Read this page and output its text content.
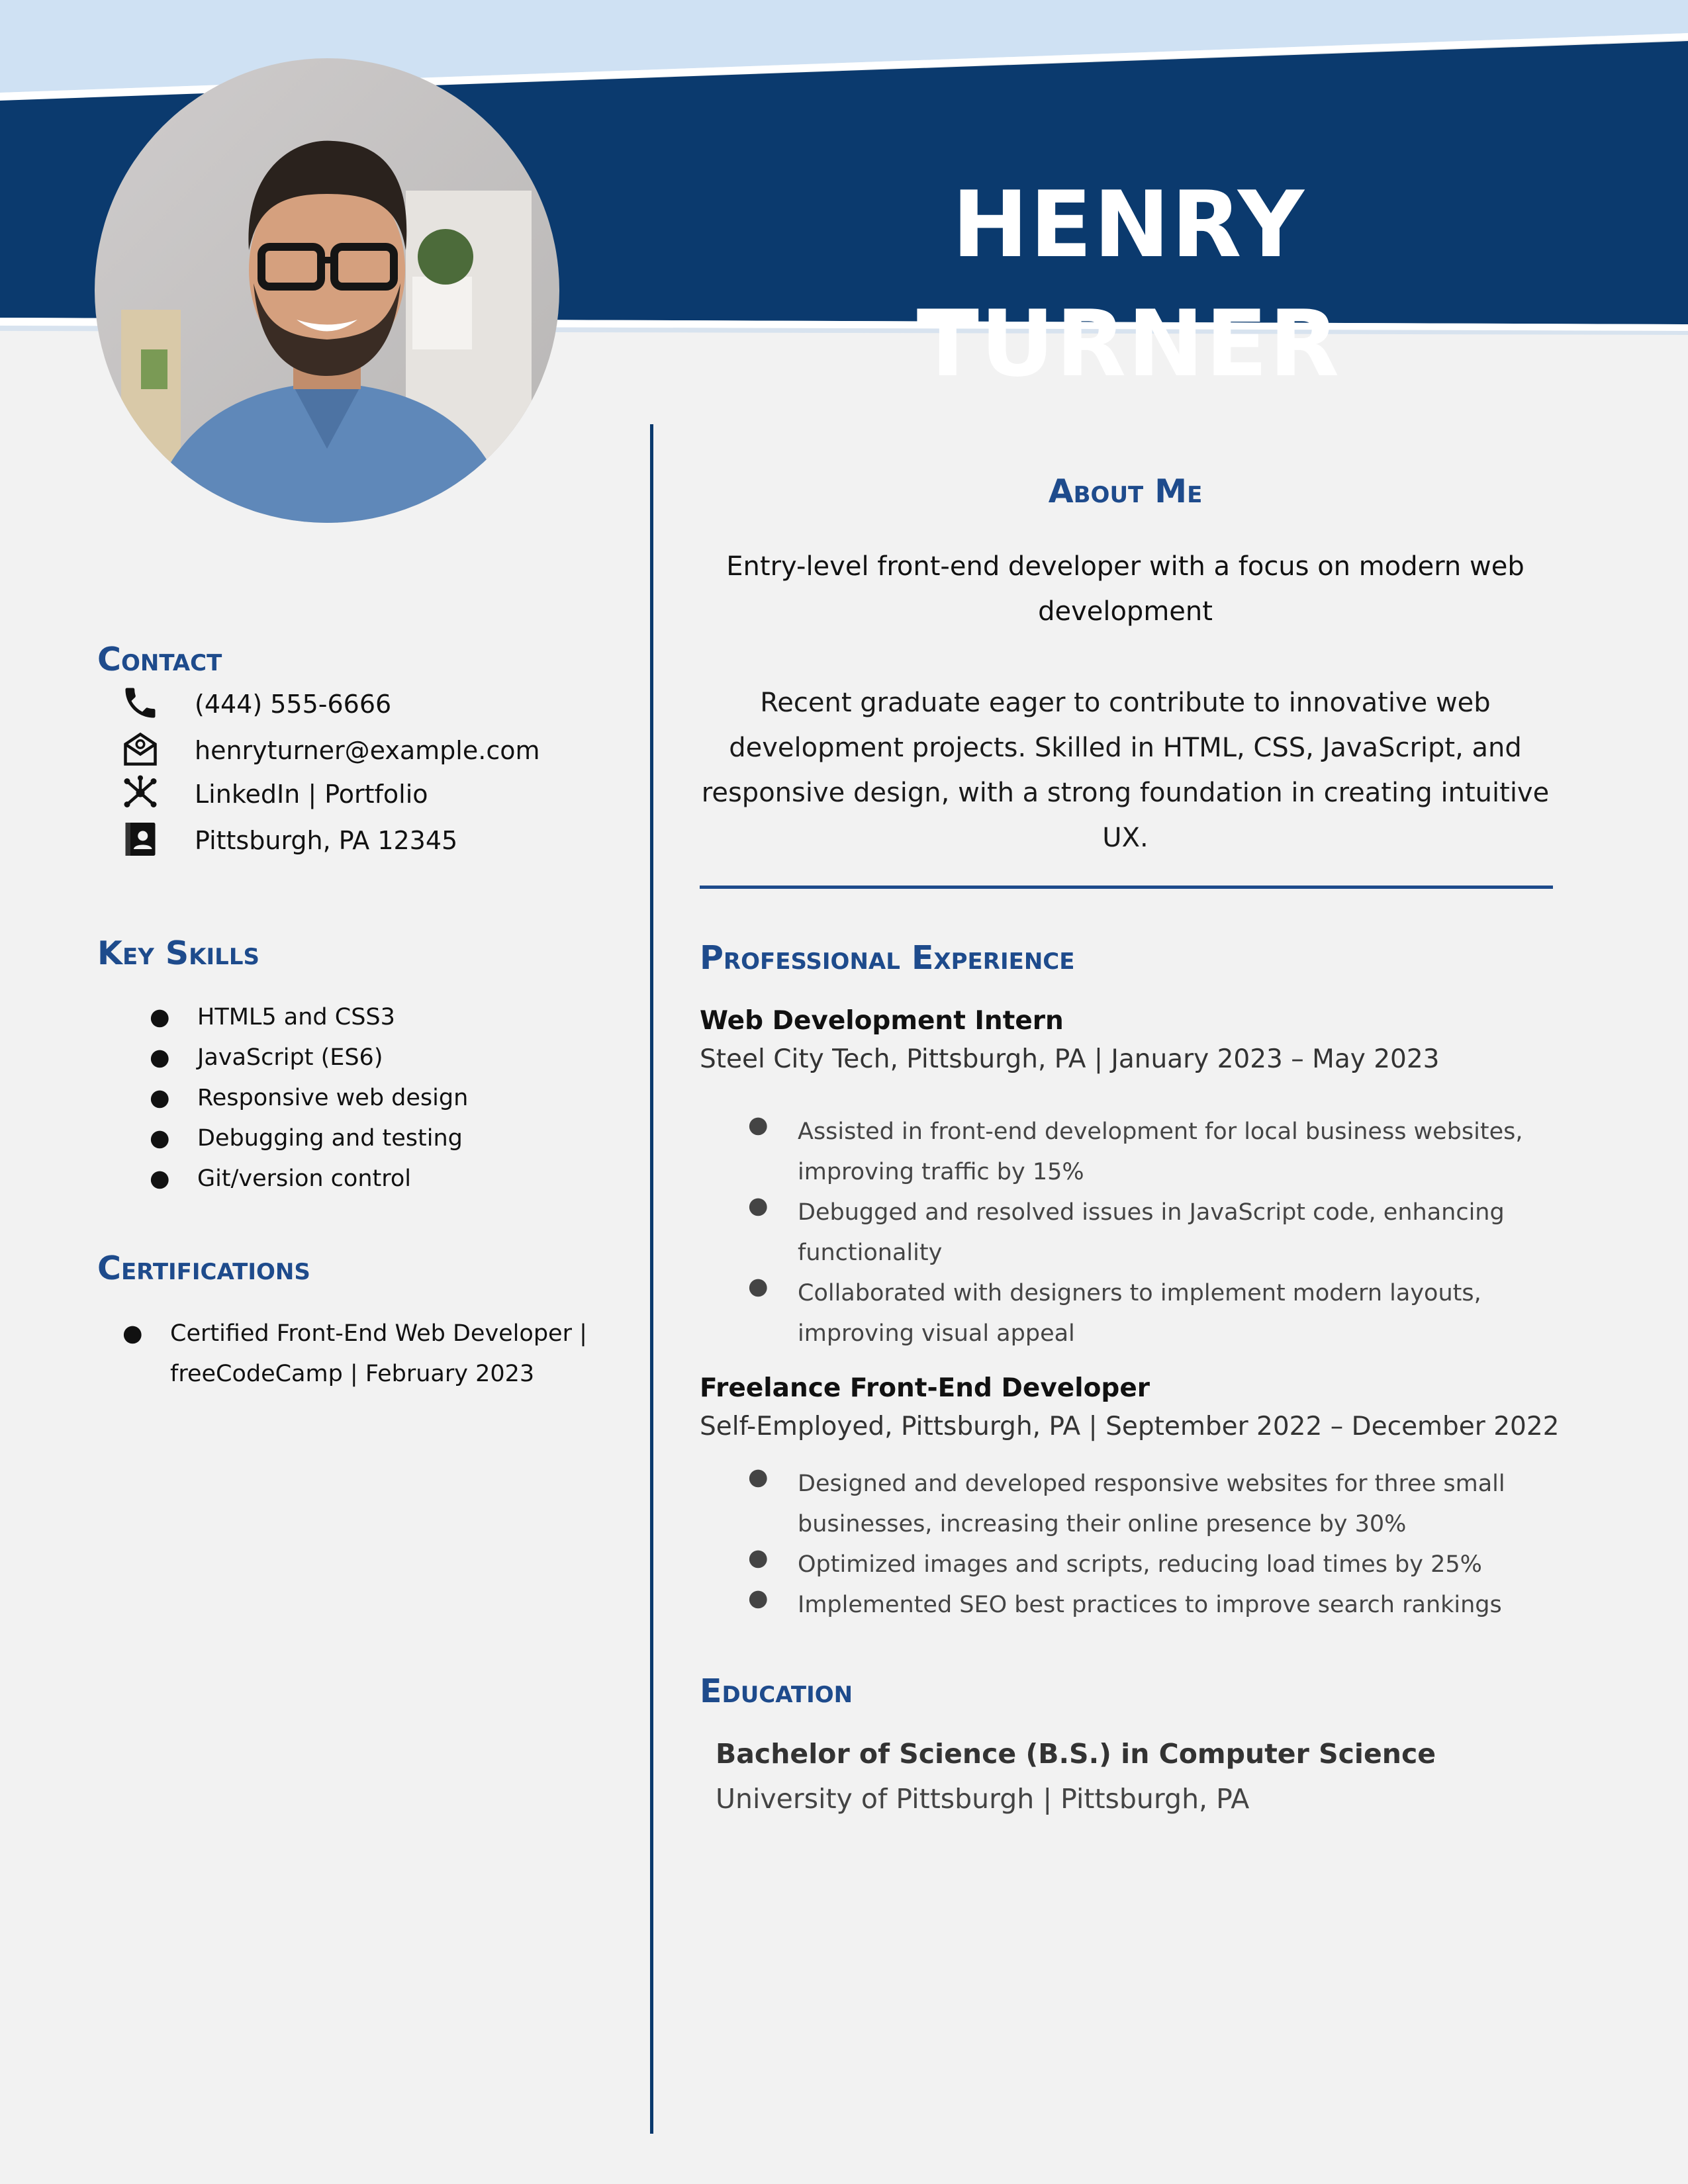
HENRY TURNER
Contact
(444) 555-6666
henryturner@example.com
LinkedIn | Portfolio
Pittsburgh, PA 12345
Key Skills
● HTML5 and CSS3
● JavaScript (ES6)
● Responsive web design
● Debugging and testing
● Git/version control
Certifications
● Certified Front-End Web Developer |
freeCodeCamp | February 2023
About Me
Entry-level front-end developer with a focus on modern web development
Recent graduate eager to contribute to innovative web development projects. Skilled in HTML, CSS, JavaScript, and responsive design, with a strong foundation in creating intuitive UX.
Professional Experience
Web Development Intern
Steel City Tech, Pittsburgh, PA | January 2023 – May 2023
● Assisted in front-end development for local business websites, improving traffic by 15%
● Debugged and resolved issues in JavaScript code, enhancing functionality
● Collaborated with designers to implement modern layouts, improving visual appeal
Freelance Front-End Developer
Self-Employed, Pittsburgh, PA | September 2022 – December 2022
● Designed and developed responsive websites for three small businesses, increasing their online presence by 30%
● Optimized images and scripts, reducing load times by 25%
● Implemented SEO best practices to improve search rankings
Education
Bachelor of Science (B.S.) in Computer Science
University of Pittsburgh | Pittsburgh, PA
